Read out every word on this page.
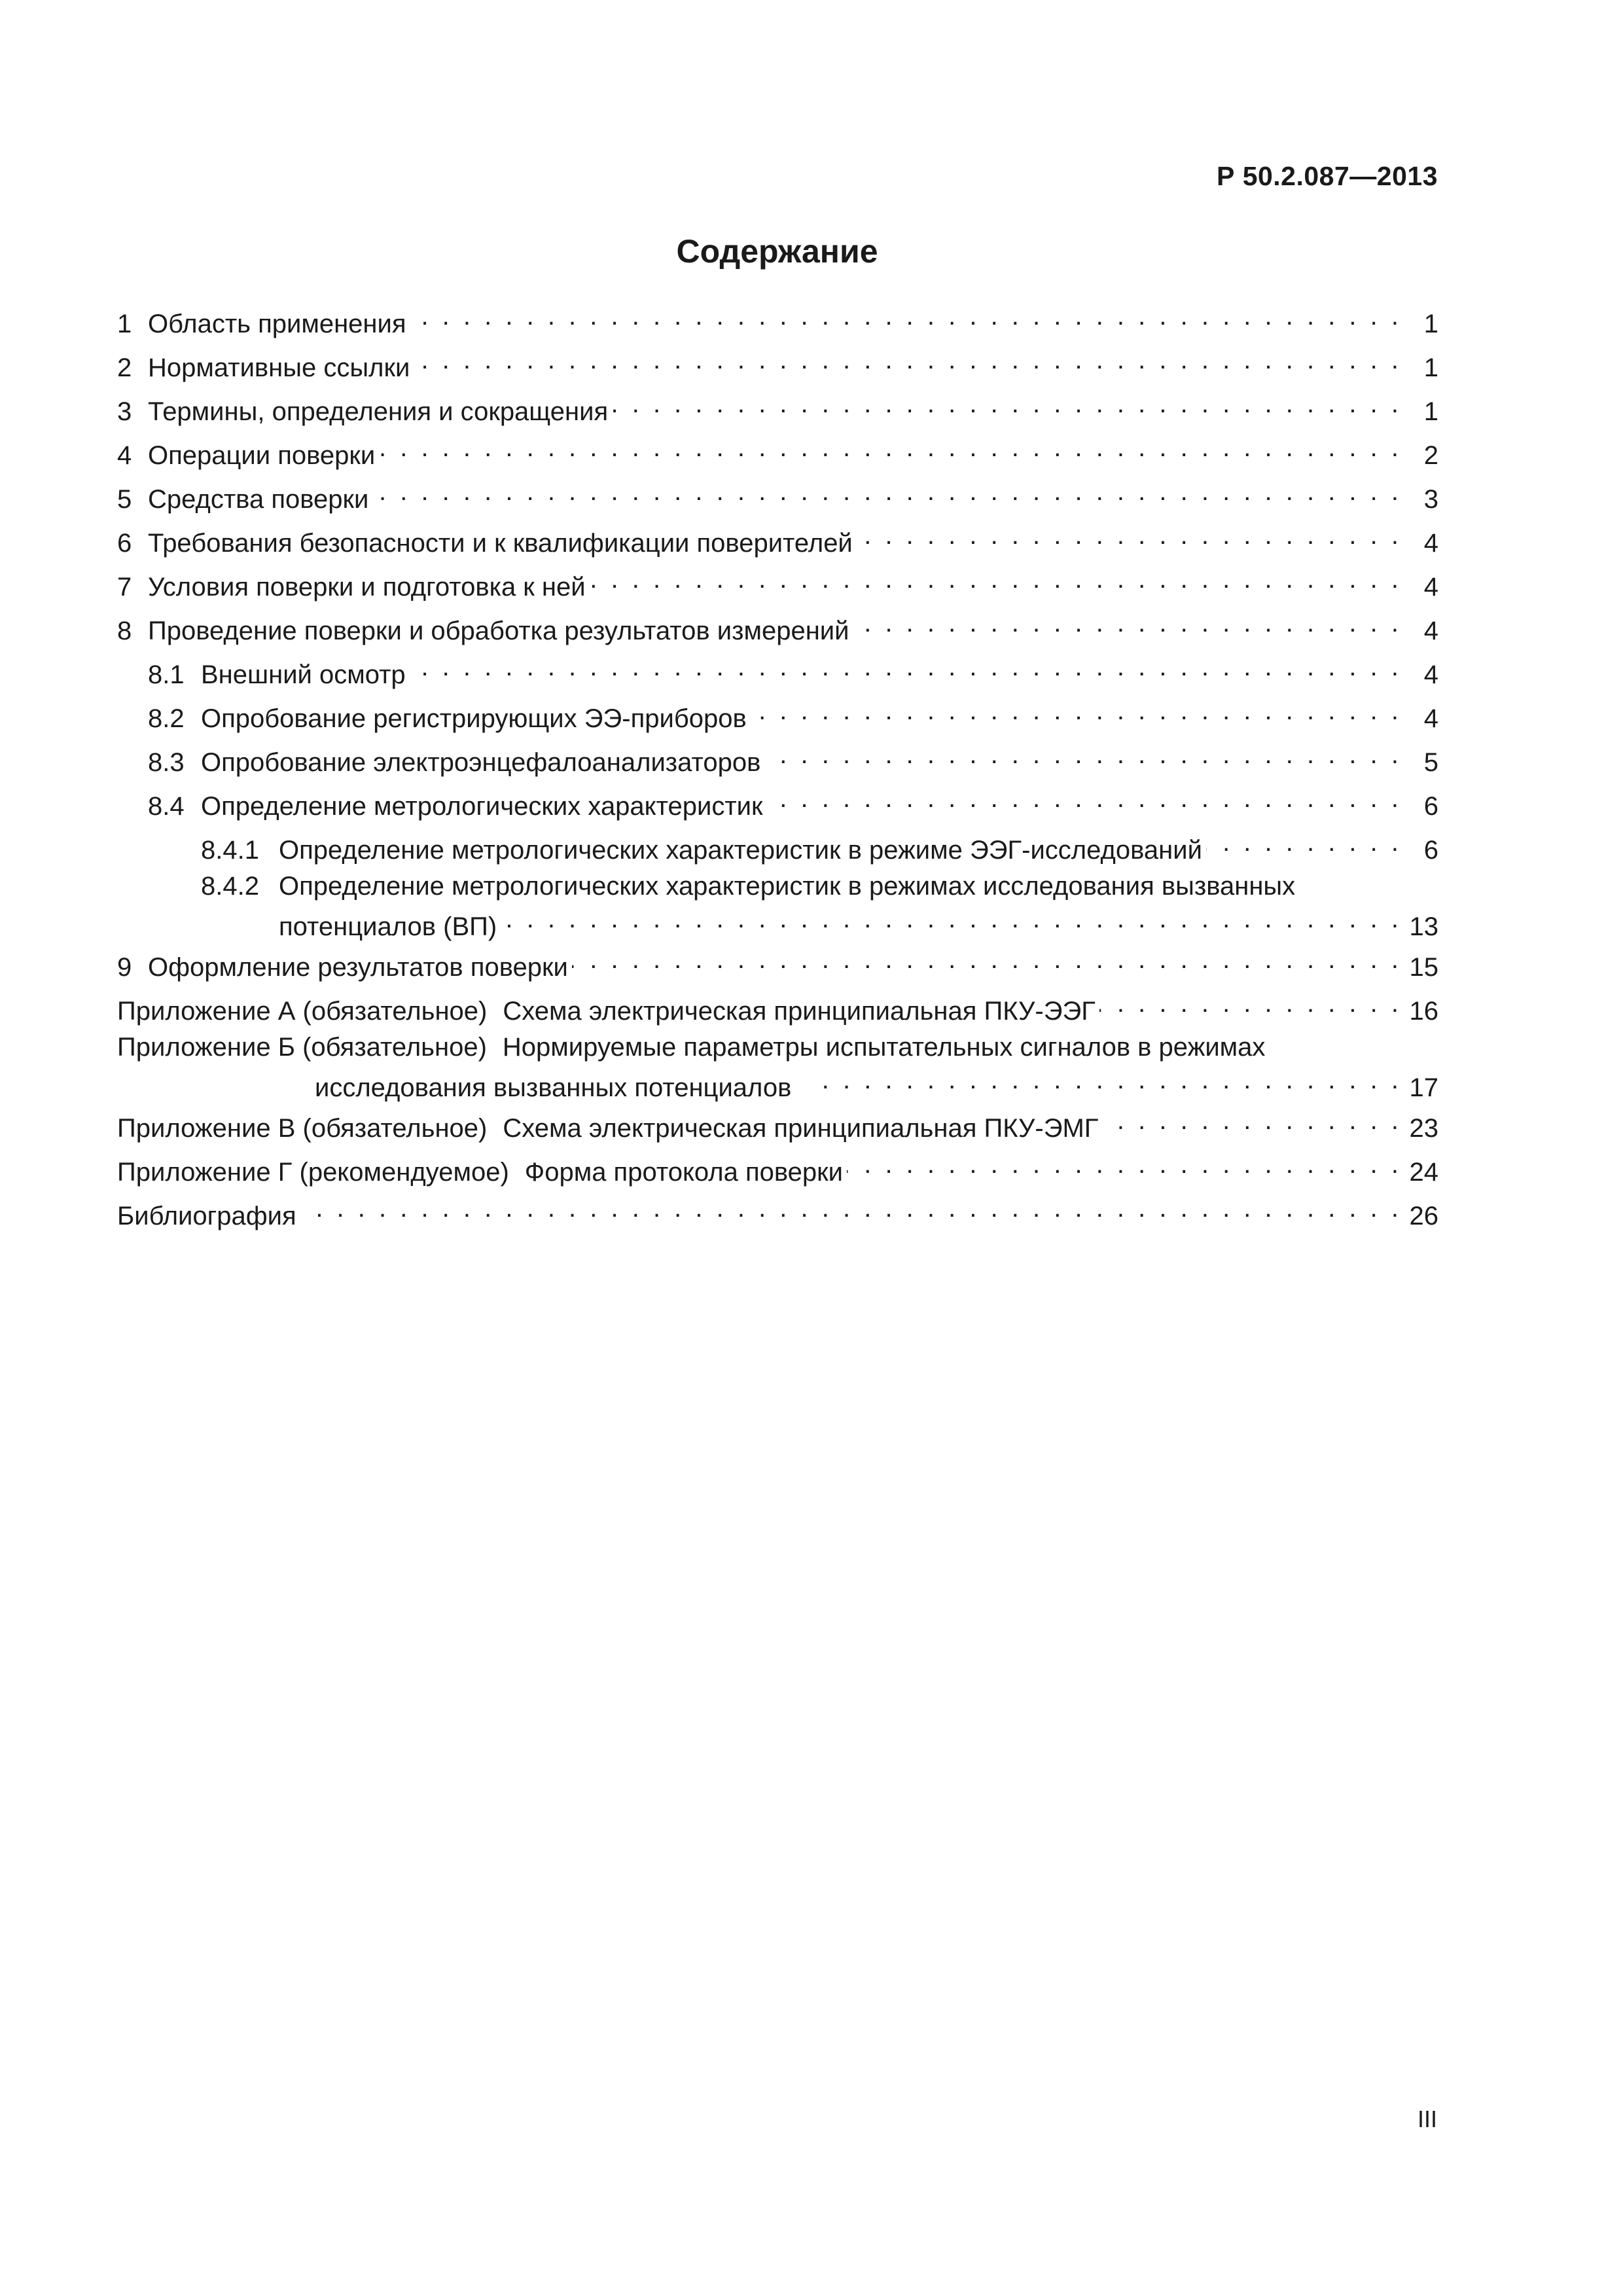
Р 50.2.087—2013
Содержание
1 Область применения . . .	1
2 Нормативные ссылки . . .	1
3 Термины, определения и сокращения . . .	1
4 Операции поверки . . .	2
5 Средства поверки . . .	3
6 Требования безопасности и к квалификации поверителей . . .	4
7 Условия поверки и подготовка к ней . . .	4
8 Проведение поверки и обработка результатов измерений . . .	4
8.1 Внешний осмотр . . .	4
8.2 Опробование регистрирующих ЭЭ-приборов . . .	4
8.3 Опробование электроэнцефалоанализаторов . . .	5
8.4 Определение метрологических характеристик . . .	6
8.4.1 Определение метрологических характеристик в режиме ЭЭГ-исследований . . .	6
8.4.2 Определение метрологических характеристик в режимах исследования вызванных
потенциалов (ВП) . . .	13
9 Оформление результатов поверки . . .	15
Приложение А (обязательное) Схема электрическая принципиальная ПКУ-ЭЭГ . . .	16
Приложение Б (обязательное) Нормируемые параметры испытательных сигналов в режимах
исследования вызванных потенциалов . . .	17
Приложение В (обязательное) Схема электрическая принципиальная ПКУ-ЭМГ . . .	23
Приложение Г (рекомендуемое) Форма протокола поверки . . .	24
Библиография . . .	26
III
